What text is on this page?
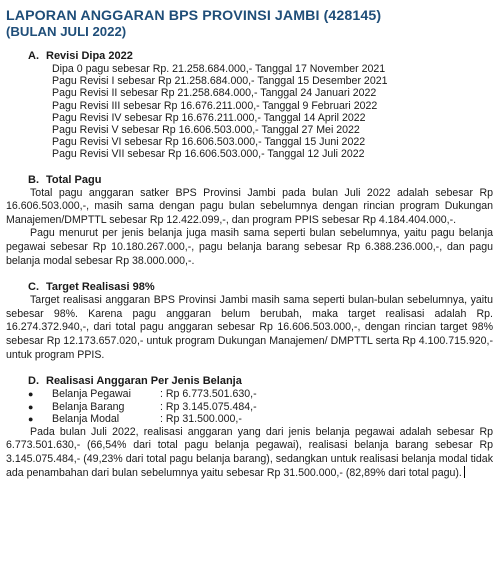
LAPORAN ANGGARAN BPS PROVINSI JAMBI (428145)
(BULAN JULI 2022)
A. Revisi Dipa 2022
Dipa 0 pagu sebesar Rp. 21.258.684.000,- Tanggal 17 November 2021
Pagu Revisi I sebesar Rp 21.258.684.000,- Tanggal 15 Desember 2021
Pagu Revisi II sebesar Rp 21.258.684.000,- Tanggal 24 Januari 2022
Pagu Revisi III sebesar Rp 16.676.211.000,- Tanggal 9 Februari 2022
Pagu Revisi IV sebesar Rp 16.676.211.000,- Tanggal 14 April 2022
Pagu Revisi V sebesar Rp 16.606.503.000,- Tanggal 27 Mei 2022
Pagu Revisi VI sebesar Rp 16.606.503.000,- Tanggal 15 Juni 2022
Pagu Revisi VII sebesar Rp 16.606.503.000,- Tanggal 12 Juli 2022
B. Total Pagu
Total pagu anggaran satker BPS Provinsi Jambi pada bulan Juli 2022 adalah sebesar Rp 16.606.503.000,-, masih sama dengan pagu bulan sebelumnya dengan rincian program Dukungan Manajemen/DMPTTL sebesar Rp 12.422.099,-, dan program PPIS sebesar Rp 4.184.404.000,-.
Pagu menurut per jenis belanja juga masih sama seperti bulan sebelumnya, yaitu pagu belanja pegawai sebesar Rp 10.180.267.000,-, pagu belanja barang sebesar Rp 6.388.236.000,-, dan pagu belanja modal sebesar Rp 38.000.000,-.
C. Target Realisasi 98%
Target realisasi anggaran BPS Provinsi Jambi masih sama seperti bulan-bulan sebelumnya, yaitu sebesar 98%. Karena pagu anggaran belum berubah, maka target realisasi adalah Rp. 16.274.372.940,-, dari total pagu anggaran sebesar Rp 16.606.503.000,-, dengan rincian target 98% sebesar Rp 12.173.657.020,- untuk program Dukungan Manajemen/ DMPTTL serta Rp 4.100.715.920,- untuk program PPIS.
D. Realisasi Anggaran Per Jenis Belanja
●	Belanja Pegawai	: Rp 6.773.501.630,-
●	Belanja Barang	: Rp 3.145.075.484,-
●	Belanja Modal	: Rp 31.500.000,-
Pada bulan Juli 2022, realisasi anggaran yang dari jenis belanja pegawai adalah sebesar Rp 6.773.501.630,- (66,54% dari total pagu belanja pegawai), realisasi belanja barang sebesar Rp 3.145.075.484,- (49,23% dari total pagu belanja barang), sedangkan untuk realisasi belanja modal tidak ada penambahan dari bulan sebelumnya yaitu sebesar Rp 31.500.000,- (82,89% dari total pagu).
